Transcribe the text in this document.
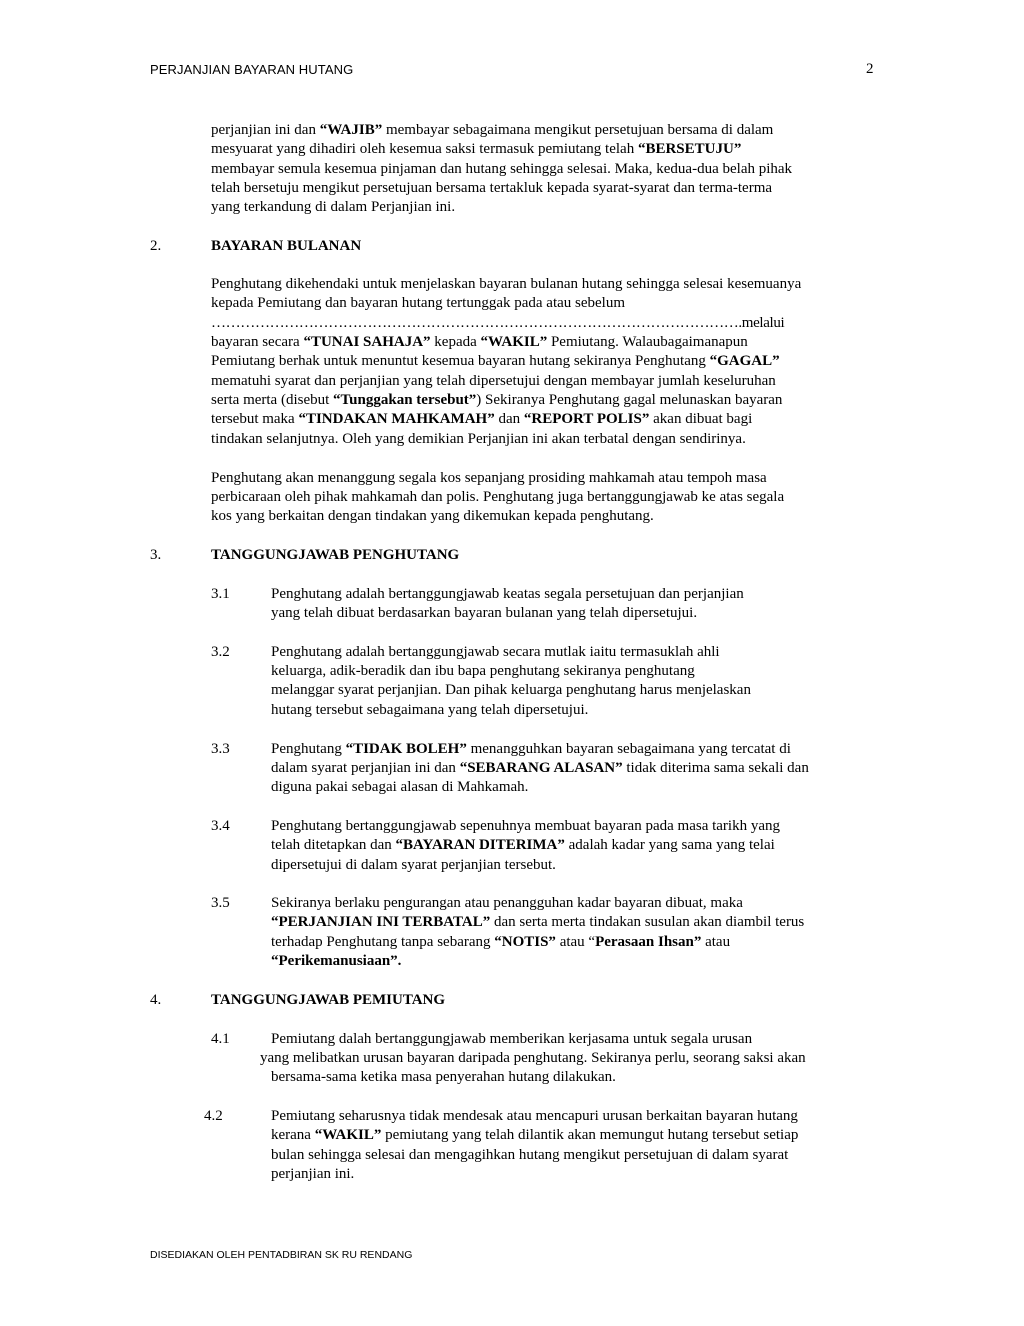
PERJANJIAN BAYARAN HUTANG	2
perjanjian ini dan “WAJIB” membayar sebagaimana mengikut persetujuan bersama di dalam
mesyuarat yang dihadiri oleh kesemua saksi termasuk pemiutang telah “BERSETUJU”
membayar semula kesemua pinjaman dan hutang sehingga selesai. Maka, kedua-dua belah pihak
telah bersetuju mengikut persetujuan bersama tertakluk kepada syarat-syarat dan terma-terma
yang terkandung di dalam Perjanjian ini.
2.	BAYARAN BULANAN
Penghutang dikehendaki untuk menjelaskan bayaran bulanan hutang sehingga selesai kesemuanya
kepada Pemiutang dan bayaran hutang tertunggak pada atau sebelum
……………………………………………………………………………………………….melalui
bayaran secara “TUNAI SAHAJA” kepada “WAKIL” Pemiutang. Walaubagaimanapun
Pemiutang berhak untuk menuntut kesemua bayaran hutang sekiranya Penghutang “GAGAL”
mematuhi syarat dan perjanjian yang telah dipersetujui dengan membayar jumlah keseluruhan
serta merta (disebut “Tunggakan tersebut”) Sekiranya Penghutang gagal melunaskan bayaran
tersebut maka “TINDAKAN MAHKAMAH” dan “REPORT POLIS” akan dibuat bagi
tindakan selanjutnya. Oleh yang demikian Perjanjian ini akan terbatal dengan sendirinya.
Penghutang akan menanggung segala kos sepanjang prosiding mahkamah atau tempoh masa
perbicaraan oleh pihak mahkamah dan polis. Penghutang juga bertanggungjawab ke atas segala
kos yang berkaitan dengan tindakan yang dikemukan kepada penghutang.
3.	TANGGUNGJAWAB PENGHUTANG
3.1	Penghutang adalah bertanggungjawab keatas segala persetujuan dan perjanjian
yang telah dibuat berdasarkan bayaran bulanan yang telah dipersetujui.
3.2	Penghutang adalah bertanggungjawab secara mutlak iaitu termasuklah ahli
keluarga, adik-beradik dan ibu bapa penghutang sekiranya penghutang
melanggar syarat perjanjian. Dan pihak keluarga penghutang harus menjelaskan
hutang tersebut sebagaimana yang telah dipersetujui.
3.3	Penghutang “TIDAK BOLEH” menangguhkan bayaran sebagaimana yang tercatat di
dalam syarat perjanjian ini dan “SEBARANG ALASAN” tidak diterima sama sekali dan
diguna pakai sebagai alasan di Mahkamah.
3.4	Penghutang bertanggungjawab sepenuhnya membuat bayaran pada masa tarikh yang
telah ditetapkan dan “BAYARAN DITERIMA” adalah kadar yang sama yang telai
dipersetujui di dalam syarat perjanjian tersebut.
3.5	Sekiranya berlaku pengurangan atau penangguhan kadar bayaran dibuat, maka
“PERJANJIAN INI TERBATAL” dan serta merta tindakan susulan akan diambil terus
terhadap Penghutang tanpa sebarang “NOTIS” atau “Perasaan Ihsan” atau
“Perikemanusiaan”.
4.	TANGGUNGJAWAB PEMIUTANG
4.1	Pemiutang dalah bertanggungjawab memberikan kerjasama untuk segala urusan
yang melibatkan urusan bayaran daripada penghutang. Sekiranya perlu, seorang saksi akan
bersama-sama ketika masa penyerahan hutang dilakukan.
4.2	Pemiutang seharusnya tidak mendesak atau mencapuri urusan berkaitan bayaran hutang
kerana “WAKIL” pemiutang yang telah dilantik akan memungut hutang tersebut setiap
bulan sehingga selesai dan mengagihkan hutang mengikut persetujuan di dalam syarat
perjanjian ini.
DISEDIAKAN OLEH PENTADBIRAN SK RU RENDANG
